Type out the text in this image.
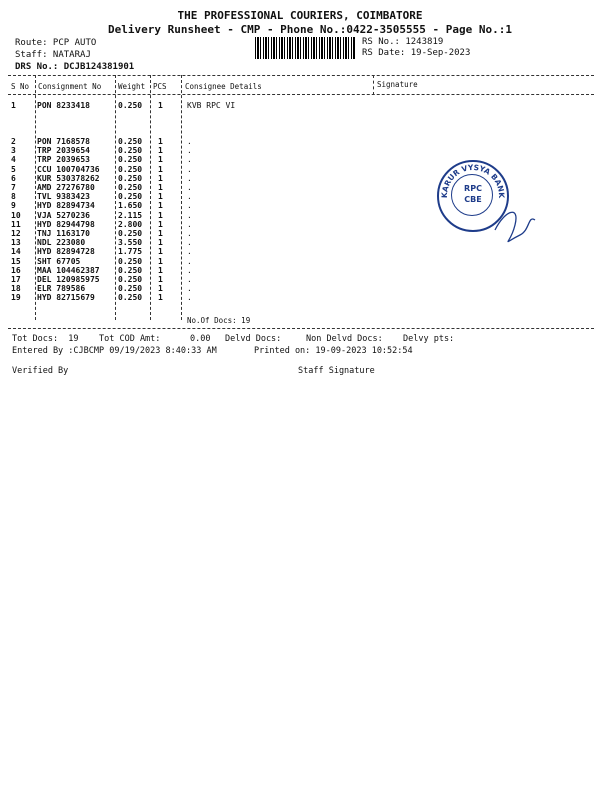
THE PROFESSIONAL COURIERS, COIMBATORE
Delivery Runsheet - CMP - Phone No.:0422-3505555 - Page No.:1
Route: PCP AUTO
Staff: NATARAJ
DRS No.: DCJB124381901
RS No.: 1243819
RS Date: 19-Sep-2023
S No Consignment No Weight PCS Consignee Details	Signature
1	PON 8233418	0.250 1	KVB RPC VI
2	PON 7168578	0.250 1	.
3	TRP 2039654	0.250 1	.
4	TRP 2039653	0.250 1	.
5	CCU 100704736 0.250 1	.
6	KUR 530378262 0.250 1	.
7	AMD 27276780	0.250 1	.
8	TVL 9383423	0.250 1	.
9	HYD 82894734	1.650 1	.
10 VJA 5270236	2.115 1	.
11 HYD 82944798	2.800 1	.
12 TNJ 1163170	0.250 1	.
13 NDL 223080	3.550 1	.
14 HYD 82894728	1.775 1	.
15 SHT 67705	0.250 1	.
16 MAA 104462387 0.250 1	.
17 DEL 120985975 0.250 1	.
18 ELR 789586	0.250 1	.
19 HYD 82715679	0.250 1	.
No.Of Docs: 19
Tot Docs:  19 Tot COD Amt:	0.00 Delvd Docs:	Non Delvd Docs: Delvy pts:
Entered By :CJBCMP 09/19/2023 8:40:33 AM	Printed on: 19-09-2023 10:52:54
Verified By	Staff Signature
KARUR VYSYA BANK
RPC
CBE
